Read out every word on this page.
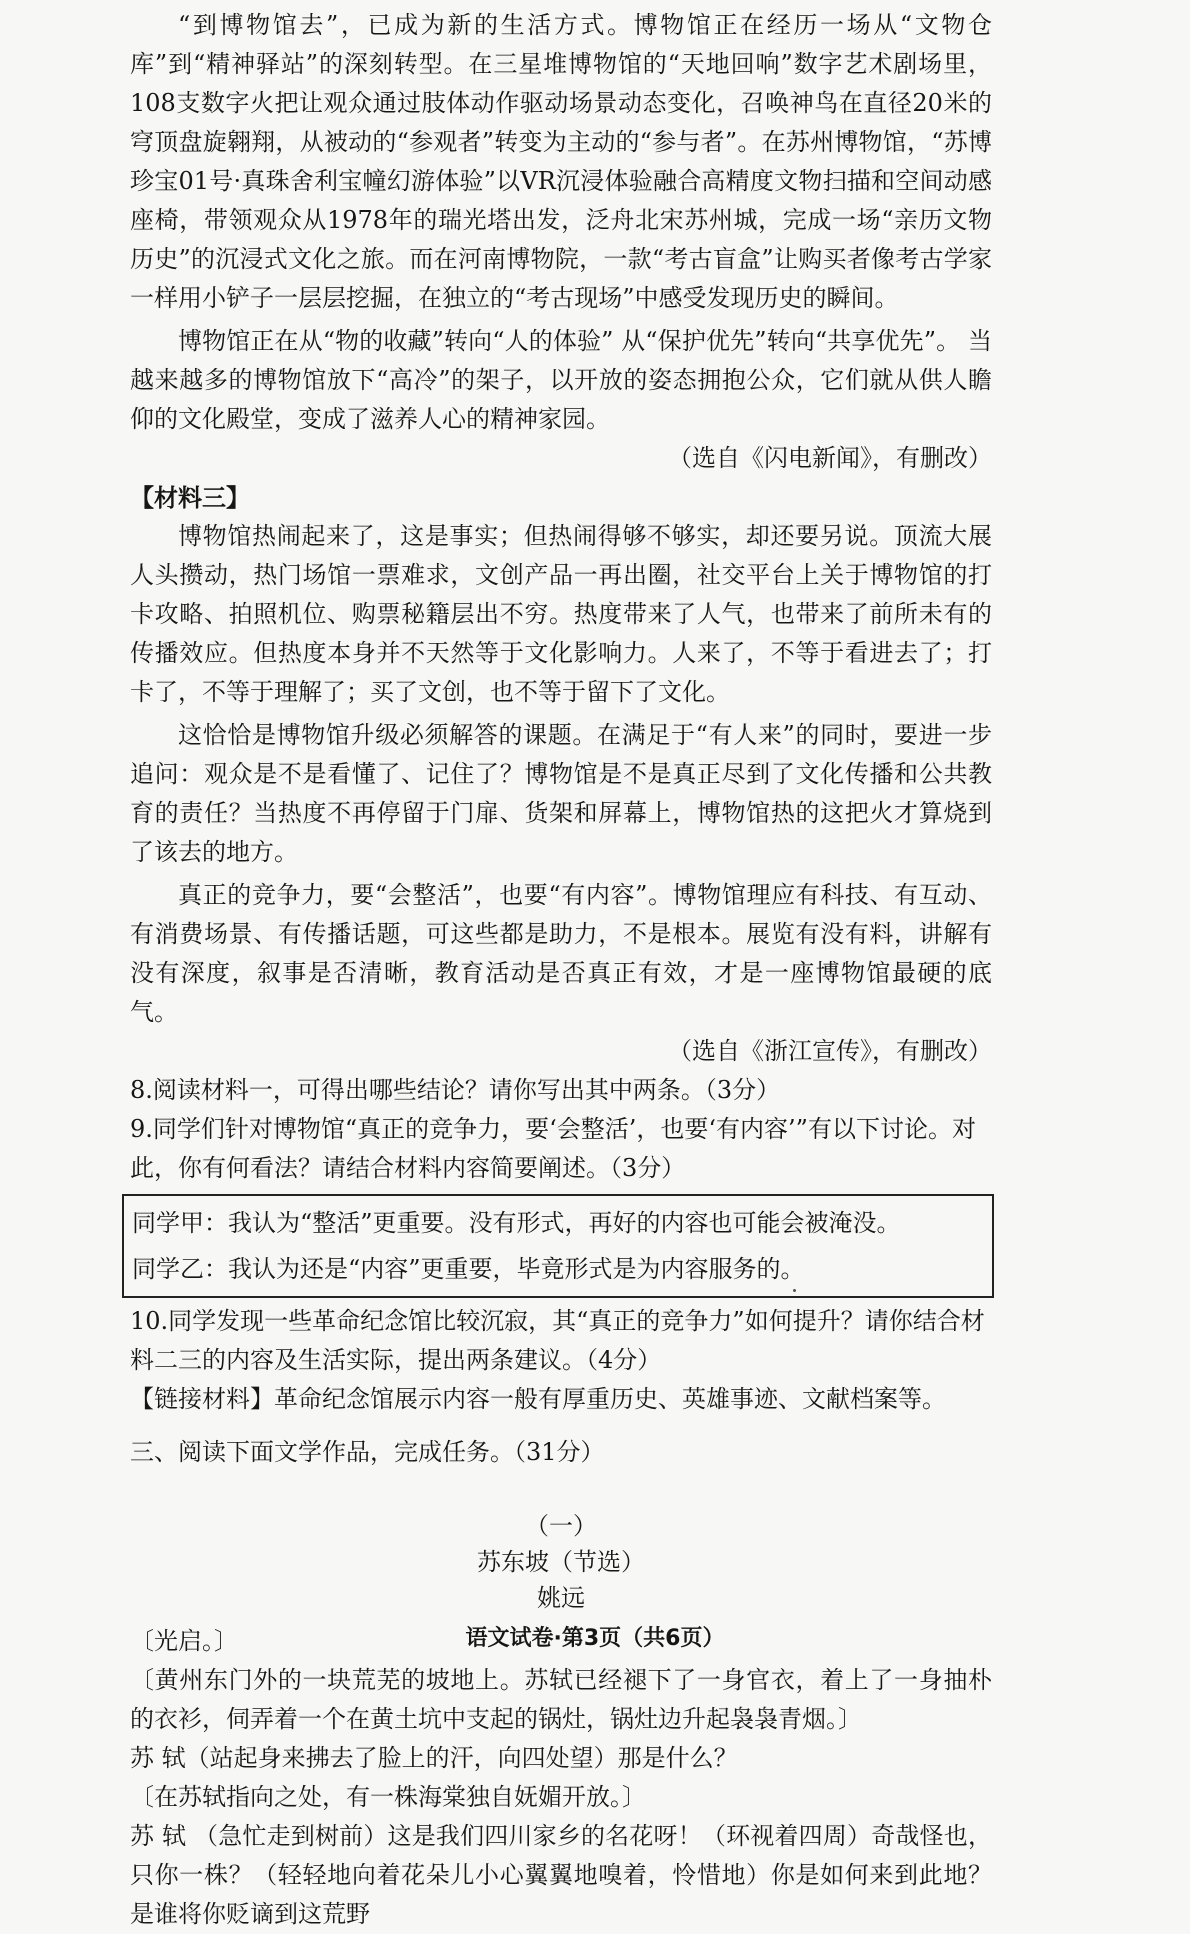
“到博物馆去”，已成为新的生活方式。博物馆正在经历一场从“文物仓库”到“精神驿站”的深刻转型。在三星堆博物馆的“天地回响”数字艺术剧场里，108支数字火把让观众通过肢体动作驱动场景动态变化，召唤神鸟在直径20米的穹顶盘旋翱翔，从被动的“参观者”转变为主动的“参与者”。在苏州博物馆，“苏博珍宝01号·真珠舍利宝幢幻游体验”以VR沉浸体验融合高精度文物扫描和空间动感座椅，带领观众从1978年的瑞光塔出发，泛舟北宋苏州城，完成一场“亲历文物历史”的沉浸式文化之旅。而在河南博物院，一款“考古盲盒”让购买者像考古学家一样用小铲子一层层挖掘，在独立的“考古现场”中感受发现历史的瞬间。

博物馆正在从“物的收藏”转向“人的体验” 从“保护优先”转向“共享优先”。 当越来越多的博物馆放下“高冷”的架子，以开放的姿态拥抱公众，它们就从供人瞻仰的文化殿堂，变成了滋养人心的精神家园。

（选自《闪电新闻》，有删改）

【材料三】

博物馆热闹起来了，这是事实；但热闹得够不够实，却还要另说。顶流大展人头攒动，热门场馆一票难求，文创产品一再出圈，社交平台上关于博物馆的打卡攻略、拍照机位、购票秘籍层出不穷。热度带来了人气，也带来了前所未有的传播效应。但热度本身并不天然等于文化影响力。人来了，不等于看进去了；打卡了，不等于理解了；买了文创，也不等于留下了文化。

这恰恰是博物馆升级必须解答的课题。在满足于“有人来”的同时，要进一步追问：观众是不是看懂了、记住了？博物馆是不是真正尽到了文化传播和公共教育的责任？当热度不再停留于门扉、货架和屏幕上，博物馆热的这把火才算烧到了该去的地方。

真正的竞争力，要“会整活”，也要“有内容”。博物馆理应有科技、有互动、有消费场景、有传播话题，可这些都是助力，不是根本。展览有没有料，讲解有没有深度，叙事是否清晰，教育活动是否真正有效，才是一座博物馆最硬的底气。

（选自《浙江宣传》，有删改）

8.阅读材料一，可得出哪些结论？请你写出其中两条。（3分）

9.同学们针对博物馆“真正的竞争力，要‘会整活’，也要‘有内容’”有以下讨论。对此，你有何看法？请结合材料内容简要阐述。（3分）

同学甲：我认为“整活”更重要。没有形式，再好的内容也可能会被淹没。

同学乙：我认为还是“内容”更重要，毕竟形式是为内容服务的。

10.同学发现一些革命纪念馆比较沉寂，其“真正的竞争力”如何提升？请你结合材料二三的内容及生活实际，提出两条建议。（4分）

【链接材料】革命纪念馆展示内容一般有厚重历史、英雄事迹、文献档案等。

三、阅读下面文学作品，完成任务。（31分）

（一）

苏东坡（节选）

姚远

〔光启。〕

〔黄州东门外的一块荒芜的坡地上。苏轼已经褪下了一身官衣，着上了一身抽朴的衣衫，伺弄着一个在黄土坑中支起的锅灶，锅灶边升起袅袅青烟。〕

苏 轼（站起身来拂去了脸上的汗，向四处望）那是什么？

〔在苏轼指向之处，有一株海棠独自妩媚开放。〕

苏 轼 （急忙走到树前）这是我们四川家乡的名花呀！（环视着四周）奇哉怪也，只你一株？（轻轻地向着花朵儿小心翼翼地嗅着，怜惜地）你是如何来到此地？是谁将你贬谪到这荒野

语文试卷·第3页（共6页）
